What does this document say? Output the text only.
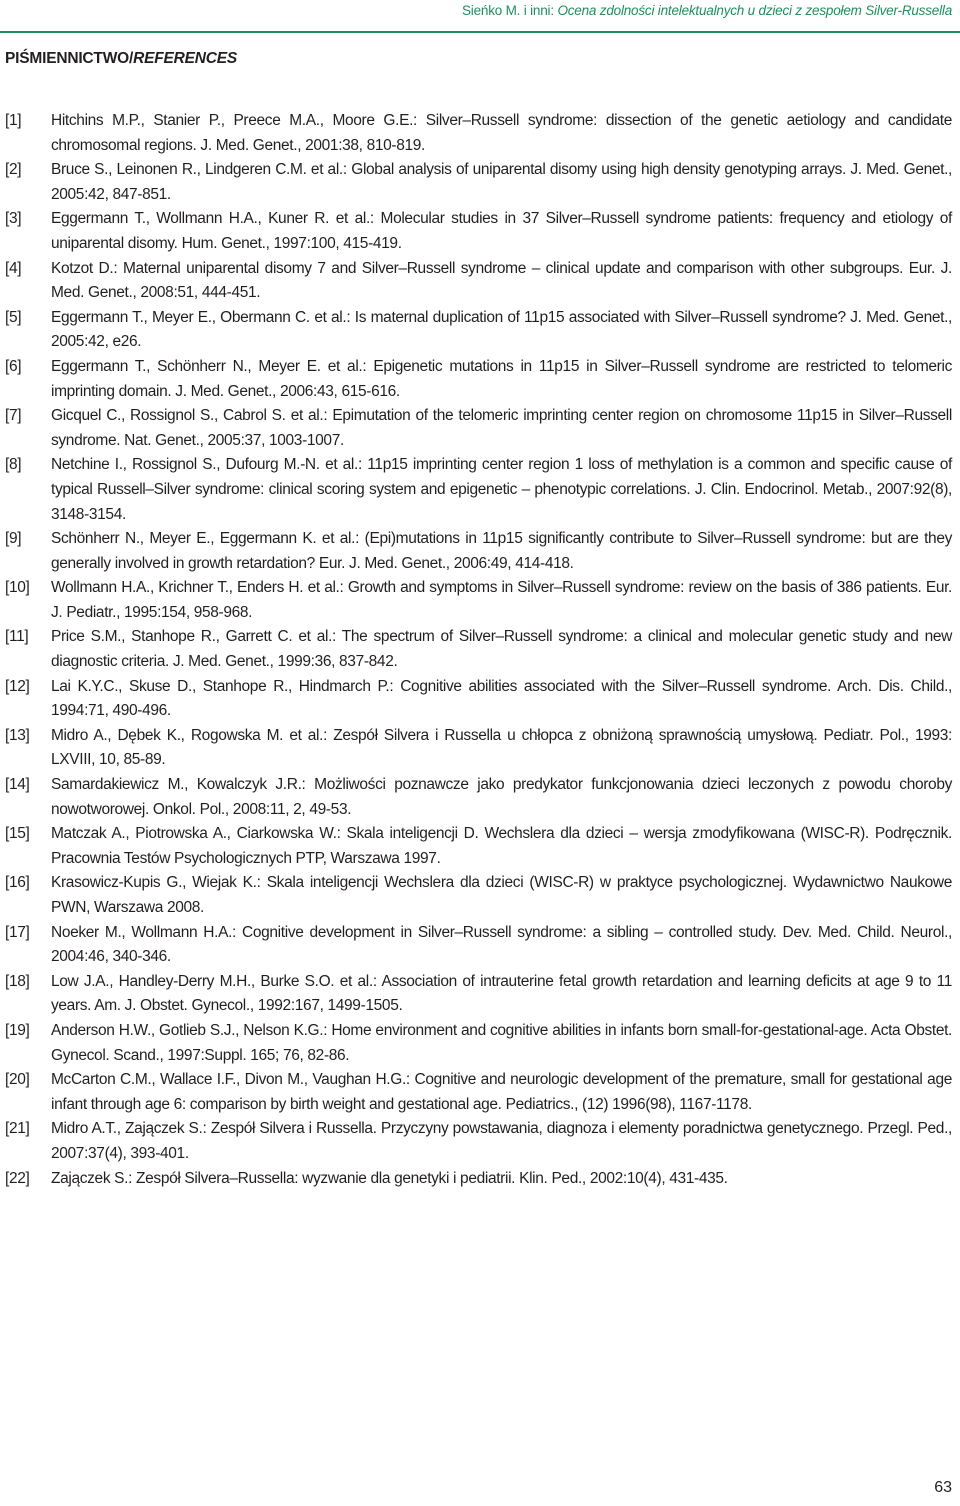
Sieńko M. i inni: Ocena zdolności intelektualnych u dzieci z zespołem Silver-Russella
PIŚMIENNICTWO/REFERENCES
[1] Hitchins M.P., Stanier P., Preece M.A., Moore G.E.: Silver–Russell syndrome: dissection of the genetic aetiology and candidate chromosomal regions. J. Med. Genet., 2001:38, 810-819.
[2] Bruce S., Leinonen R., Lindgeren C.M. et al.: Global analysis of uniparental disomy using high density genotyping arrays. J. Med. Genet., 2005:42, 847-851.
[3] Eggermann T., Wollmann H.A., Kuner R. et al.: Molecular studies in 37 Silver–Russell syndrome patients: frequency and etiology of uniparental disomy. Hum. Genet., 1997:100, 415-419.
[4] Kotzot D.: Maternal uniparental disomy 7 and Silver–Russell syndrome – clinical update and comparison with other subgroups. Eur. J. Med. Genet., 2008:51, 444-451.
[5] Eggermann T., Meyer E., Obermann C. et al.: Is maternal duplication of 11p15 associated with Silver–Russell syndrome? J. Med. Genet., 2005:42, e26.
[6] Eggermann T., Schönherr N., Meyer E. et al.: Epigenetic mutations in 11p15 in Silver–Russell syndrome are restricted to telomeric imprinting domain. J. Med. Genet., 2006:43, 615-616.
[7] Gicquel C., Rossignol S., Cabrol S. et al.: Epimutation of the telomeric imprinting center region on chromosome 11p15 in Silver–Russell syndrome. Nat. Genet., 2005:37, 1003-1007.
[8] Netchine I., Rossignol S., Dufourg M.-N. et al.: 11p15 imprinting center region 1 loss of methylation is a common and specific cause of typical Russell–Silver syndrome: clinical scoring system and epigenetic – phenotypic correlations. J. Clin. Endocrinol. Metab., 2007:92(8), 3148-3154.
[9] Schönherr N., Meyer E., Eggermann K. et al.: (Epi)mutations in 11p15 significantly contribute to Silver–Russell syndrome: but are they generally involved in growth retardation? Eur. J. Med. Genet., 2006:49, 414-418.
[10] Wollmann H.A., Krichner T., Enders H. et al.: Growth and symptoms in Silver–Russell syndrome: review on the basis of 386 patients. Eur. J. Pediatr., 1995:154, 958-968.
[11] Price S.M., Stanhope R., Garrett C. et al.: The spectrum of Silver–Russell syndrome: a clinical and molecular genetic study and new diagnostic criteria. J. Med. Genet., 1999:36, 837-842.
[12] Lai K.Y.C., Skuse D., Stanhope R., Hindmarch P.: Cognitive abilities associated with the Silver–Russell syndrome. Arch. Dis. Child., 1994:71, 490-496.
[13] Midro A., Dębek K., Rogowska M. et al.: Zespół Silvera i Russella u chłopca z obniżoną sprawnością umysłową. Pediatr. Pol., 1993: LXVIII, 10, 85-89.
[14] Samardakiewicz M., Kowalczyk J.R.: Możliwości poznawcze jako predykator funkcjonowania dzieci leczonych z powodu choroby nowotworowej. Onkol. Pol., 2008:11, 2, 49-53.
[15] Matczak A., Piotrowska A., Ciarkowska W.: Skala inteligencji D. Wechslera dla dzieci – wersja zmodyfikowana (WISC-R). Podręcznik. Pracownia Testów Psychologicznych PTP, Warszawa 1997.
[16] Krasowicz-Kupis G., Wiejak K.: Skala inteligencji Wechslera dla dzieci (WISC-R) w praktyce psychologicznej. Wydawnictwo Naukowe PWN, Warszawa 2008.
[17] Noeker M., Wollmann H.A.: Cognitive development in Silver–Russell syndrome: a sibling – controlled study. Dev. Med. Child. Neurol., 2004:46, 340-346.
[18] Low J.A., Handley-Derry M.H., Burke S.O. et al.: Association of intrauterine fetal growth retardation and learning deficits at age 9 to 11 years. Am. J. Obstet. Gynecol., 1992:167, 1499-1505.
[19] Anderson H.W., Gotlieb S.J., Nelson K.G.: Home environment and cognitive abilities in infants born small-for-gestational-age. Acta Obstet. Gynecol. Scand., 1997:Suppl. 165; 76, 82-86.
[20] McCarton C.M., Wallace I.F., Divon M., Vaughan H.G.: Cognitive and neurologic development of the premature, small for gestational age infant through age 6: comparison by birth weight and gestational age. Pediatrics., (12) 1996(98), 1167-1178.
[21] Midro A.T., Zajączek S.: Zespół Silvera i Russella. Przyczyny powstawania, diagnoza i elementy poradnictwa genetycznego. Przegl. Ped., 2007:37(4), 393-401.
[22] Zajączek S.: Zespół Silvera–Russella: wyzwanie dla genetyki i pediatrii. Klin. Ped., 2002:10(4), 431-435.
63
